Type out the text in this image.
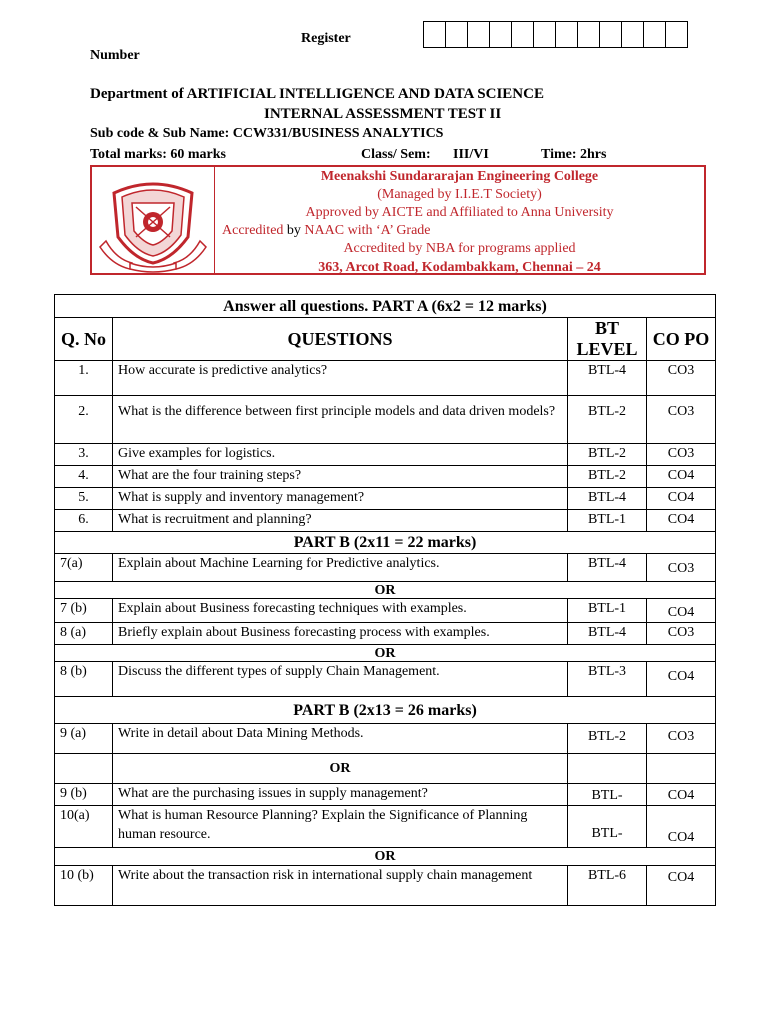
Register
Number
Department of ARTIFICIAL INTELLIGENCE AND DATA SCIENCE
INTERNAL ASSESSMENT TEST II
Sub code & Sub Name: CCW331/BUSINESS ANALYTICS
Total marks: 60 marks	Class/ Sem: III/VI	Time: 2hrs
Meenakshi Sundararajan Engineering College
(Managed by I.I.E.T Society)
Approved by AICTE and Affiliated to Anna University
Accredited by NAAC with ‘A’ Grade
Accredited by NBA for programs applied
363, Arcot Road, Kodambakkam, Chennai – 24
Answer all questions. PART A (6x2 = 12 marks)			
Q. No	QUESTIONS	BT LEVEL	CO PO
1.	How accurate is predictive analytics?	BTL-4	CO3
2.	What is the difference between first principle models and data driven models?	BTL-2	CO3
3.	Give examples for logistics.	BTL-2	CO3
4.	What are the four training steps?	BTL-2	CO4
5.	What is supply and inventory management?	BTL-4	CO4
6.	What is recruitment and planning?	BTL-1	CO4
PART B (2x11 = 22 marks)			
7(a)	Explain about Machine Learning for Predictive analytics.	BTL-4	CO3
OR			
7 (b)	Explain about Business forecasting techniques with examples.	BTL-1	CO4
8 (a)	Briefly explain about Business forecasting process with examples.	BTL-4	CO3
OR			
8 (b)	Discuss the different types of supply Chain Management.	BTL-3	CO4
PART B (2x13 = 26 marks)			
9 (a)	Write in detail about Data Mining Methods.	BTL-2	CO3
	OR		
9 (b)	What are the purchasing issues in supply management?	BTL-	CO4
10(a)	What is human Resource Planning? Explain the Significance of Planning human resource.	BTL-	CO4
OR			
10 (b)	Write about the transaction risk in international supply chain management	BTL-6	CO4
